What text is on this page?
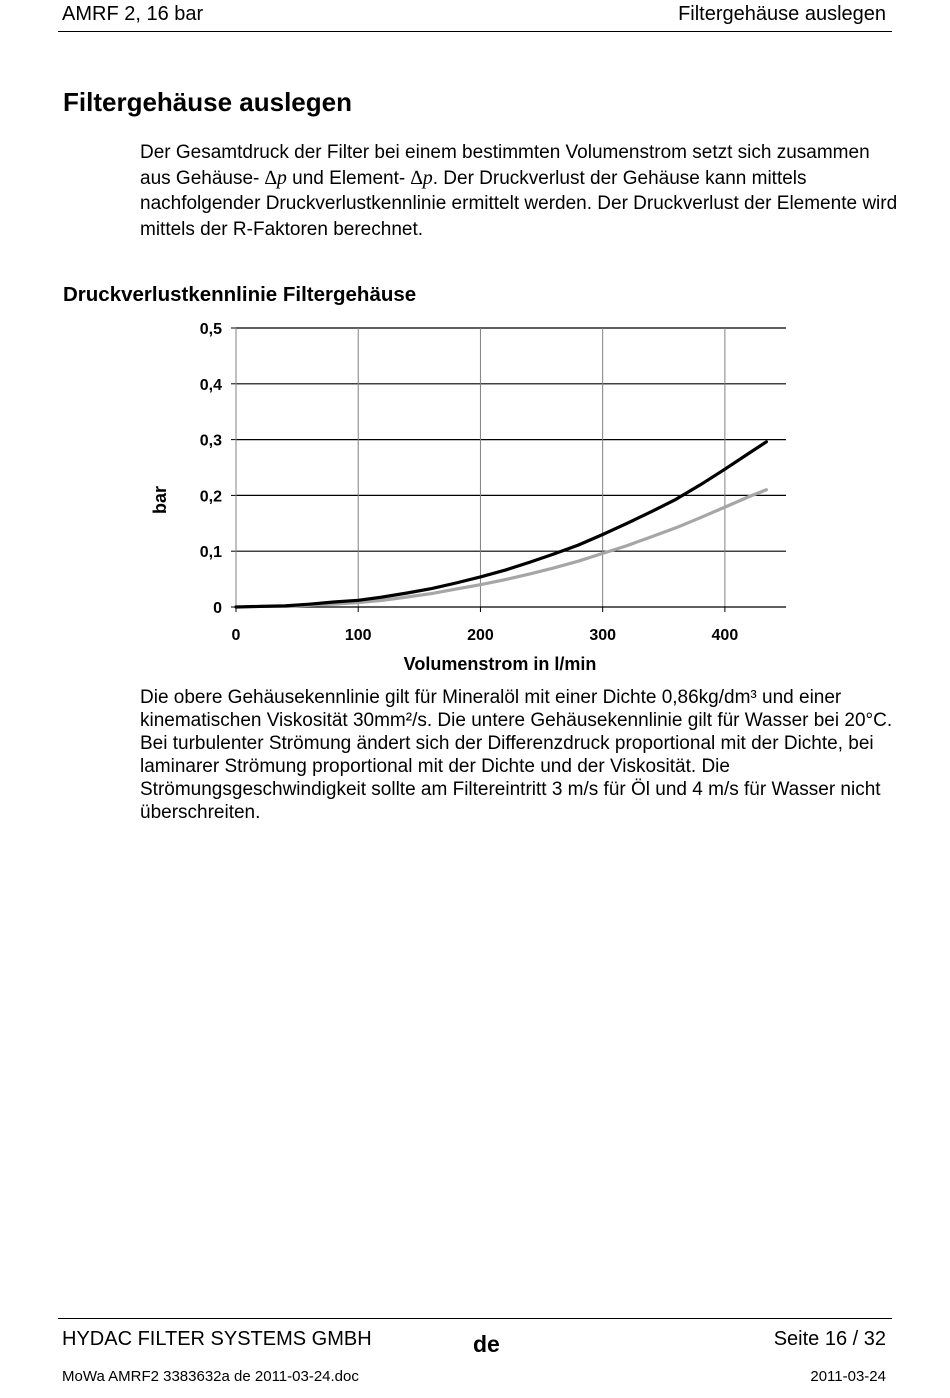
AMRF 2, 16 bar	Filtergehäuse auslegen
Filtergehäuse auslegen

Der Gesamtdruck der Filter bei einem bestimmten Volumenstrom setzt sich zusammen aus Gehäuse- ∆p und Element- ∆p. Der Druckverlust der Gehäuse kann mittels nachfolgender Druckverlustkennlinie ermittelt werden. Der Druckverlust der Elemente wird mittels der R-Faktoren berechnet.

Druckverlustkennlinie Filtergehäuse
0
0,1
0,2
0,3
0,4
0,5
0	100	200	300	400
Volumenstrom in l/min
bar

Die obere Gehäusekennlinie gilt für Mineralöl mit einer Dichte 0,86kg/dm³ und einer kinematischen Viskosität 30mm²/s. Die untere Gehäusekennlinie gilt für Wasser bei 20°C. Bei turbulenter Strömung ändert sich der Differenzdruck proportional mit der Dichte, bei laminarer Strömung proportional mit der Dichte und der Viskosität. Die Strömungsgeschwindigkeit sollte am Filtereintritt 3 m/s für Öl und 4 m/s für Wasser nicht überschreiten.

HYDAC FILTER SYSTEMS GMBH	de	Seite 16 / 32
MoWa AMRF2 3383632a de 2011-03-24.doc	2011-03-24
